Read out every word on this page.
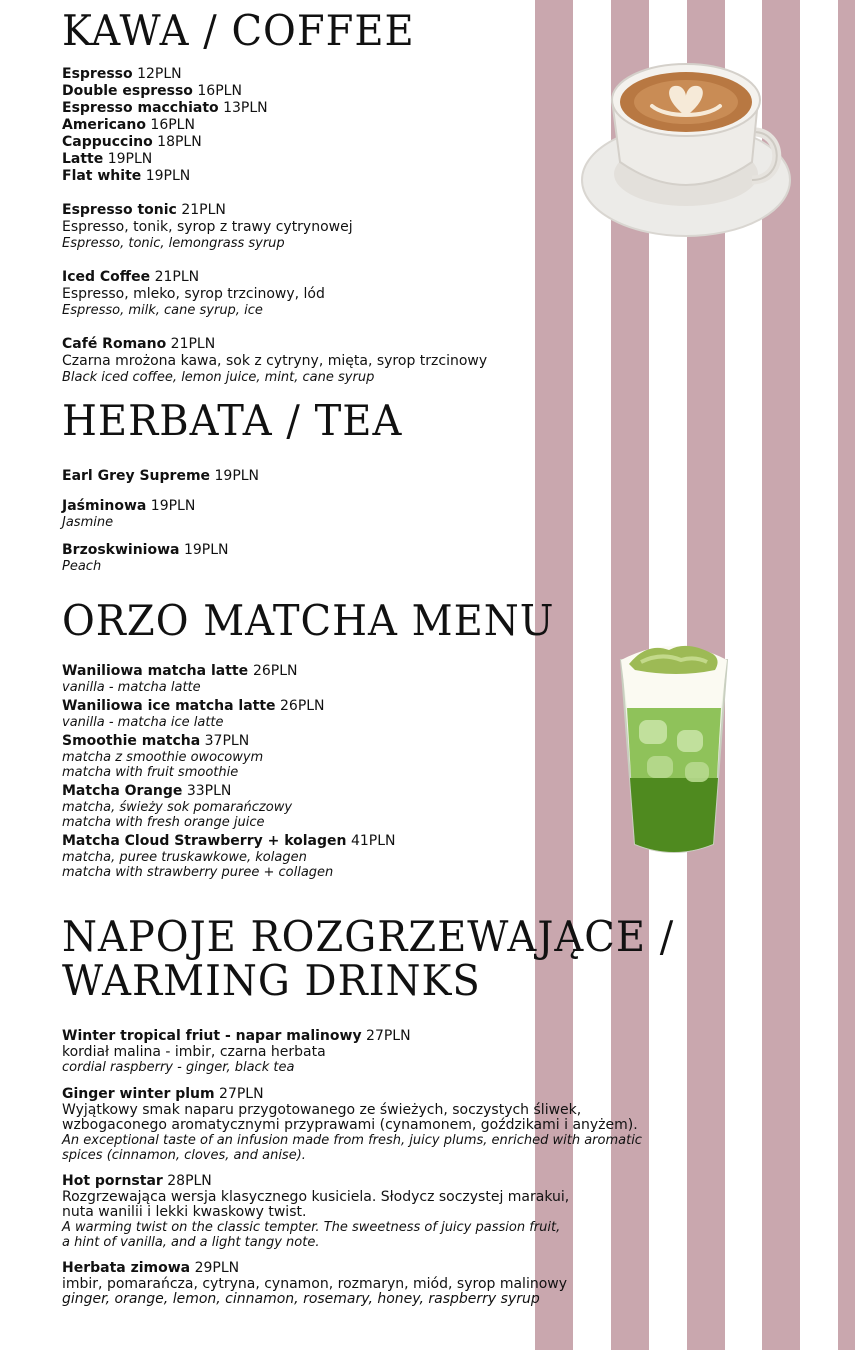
KAWA / COFFEE
Espresso 12PLN
Double espresso 16PLN
Espresso macchiato 13PLN
Americano 16PLN
Cappuccino 18PLN
Latte 19PLN
Flat white 19PLN
Espresso tonic 21PLN
Espresso, tonik, syrop z trawy cytrynowej
Espresso, tonic, lemongrass syrup
Iced Coffee 21PLN
Espresso, mleko, syrop trzcinowy, lód
Espresso, milk, cane syrup, ice
Café Romano 21PLN
Czarna mrożona kawa, sok z cytryny, mięta, syrop trzcinowy
Black iced coffee, lemon juice, mint, cane syrup
HERBATA / TEA
Earl Grey Supreme 19PLN
Jaśminowa 19PLN
Jasmine
Brzoskwiniowa 19PLN
Peach
ORZO MATCHA MENU
Waniliowa matcha latte 26PLN
vanilla - matcha latte
Waniliowa ice matcha latte 26PLN
vanilla - matcha ice latte
Smoothie matcha 37PLN
matcha z smoothie owocowym
matcha with fruit smoothie
Matcha Orange 33PLN
matcha, świeży sok pomarańczowy
matcha with fresh orange juice
Matcha Cloud Strawberry + kolagen 41PLN
matcha, puree truskawkowe, kolagen
matcha with strawberry puree + collagen
NAPOJE ROZGRZEWAJĄCE /
WARMING DRINKS
Winter tropical friut - napar malinowy 27PLN
kordiał malina - imbir, czarna herbata
cordial raspberry - ginger, black tea
Ginger winter plum 27PLN
Wyjątkowy smak naparu przygotowanego ze świeżych, soczystych śliwek,
wzbogaconego aromatycznymi przyprawami (cynamonem, goździkami i anyżem).
An exceptional taste of an infusion made from fresh, juicy plums, enriched with aromatic
spices (cinnamon, cloves, and anise).
Hot pornstar 28PLN
Rozgrzewająca wersja klasycznego kusiciela. Słodycz soczystej marakui,
nuta wanilii i lekki kwaskowy twist.
A warming twist on the classic tempter. The sweetness of juicy passion fruit,
a hint of vanilla, and a light tangy note.
Herbata zimowa 29PLN
imbir, pomarańcza, cytryna, cynamon, rozmaryn, miód, syrop malinowy
ginger, orange, lemon, cinnamon, rosemary, honey, raspberry syrup
